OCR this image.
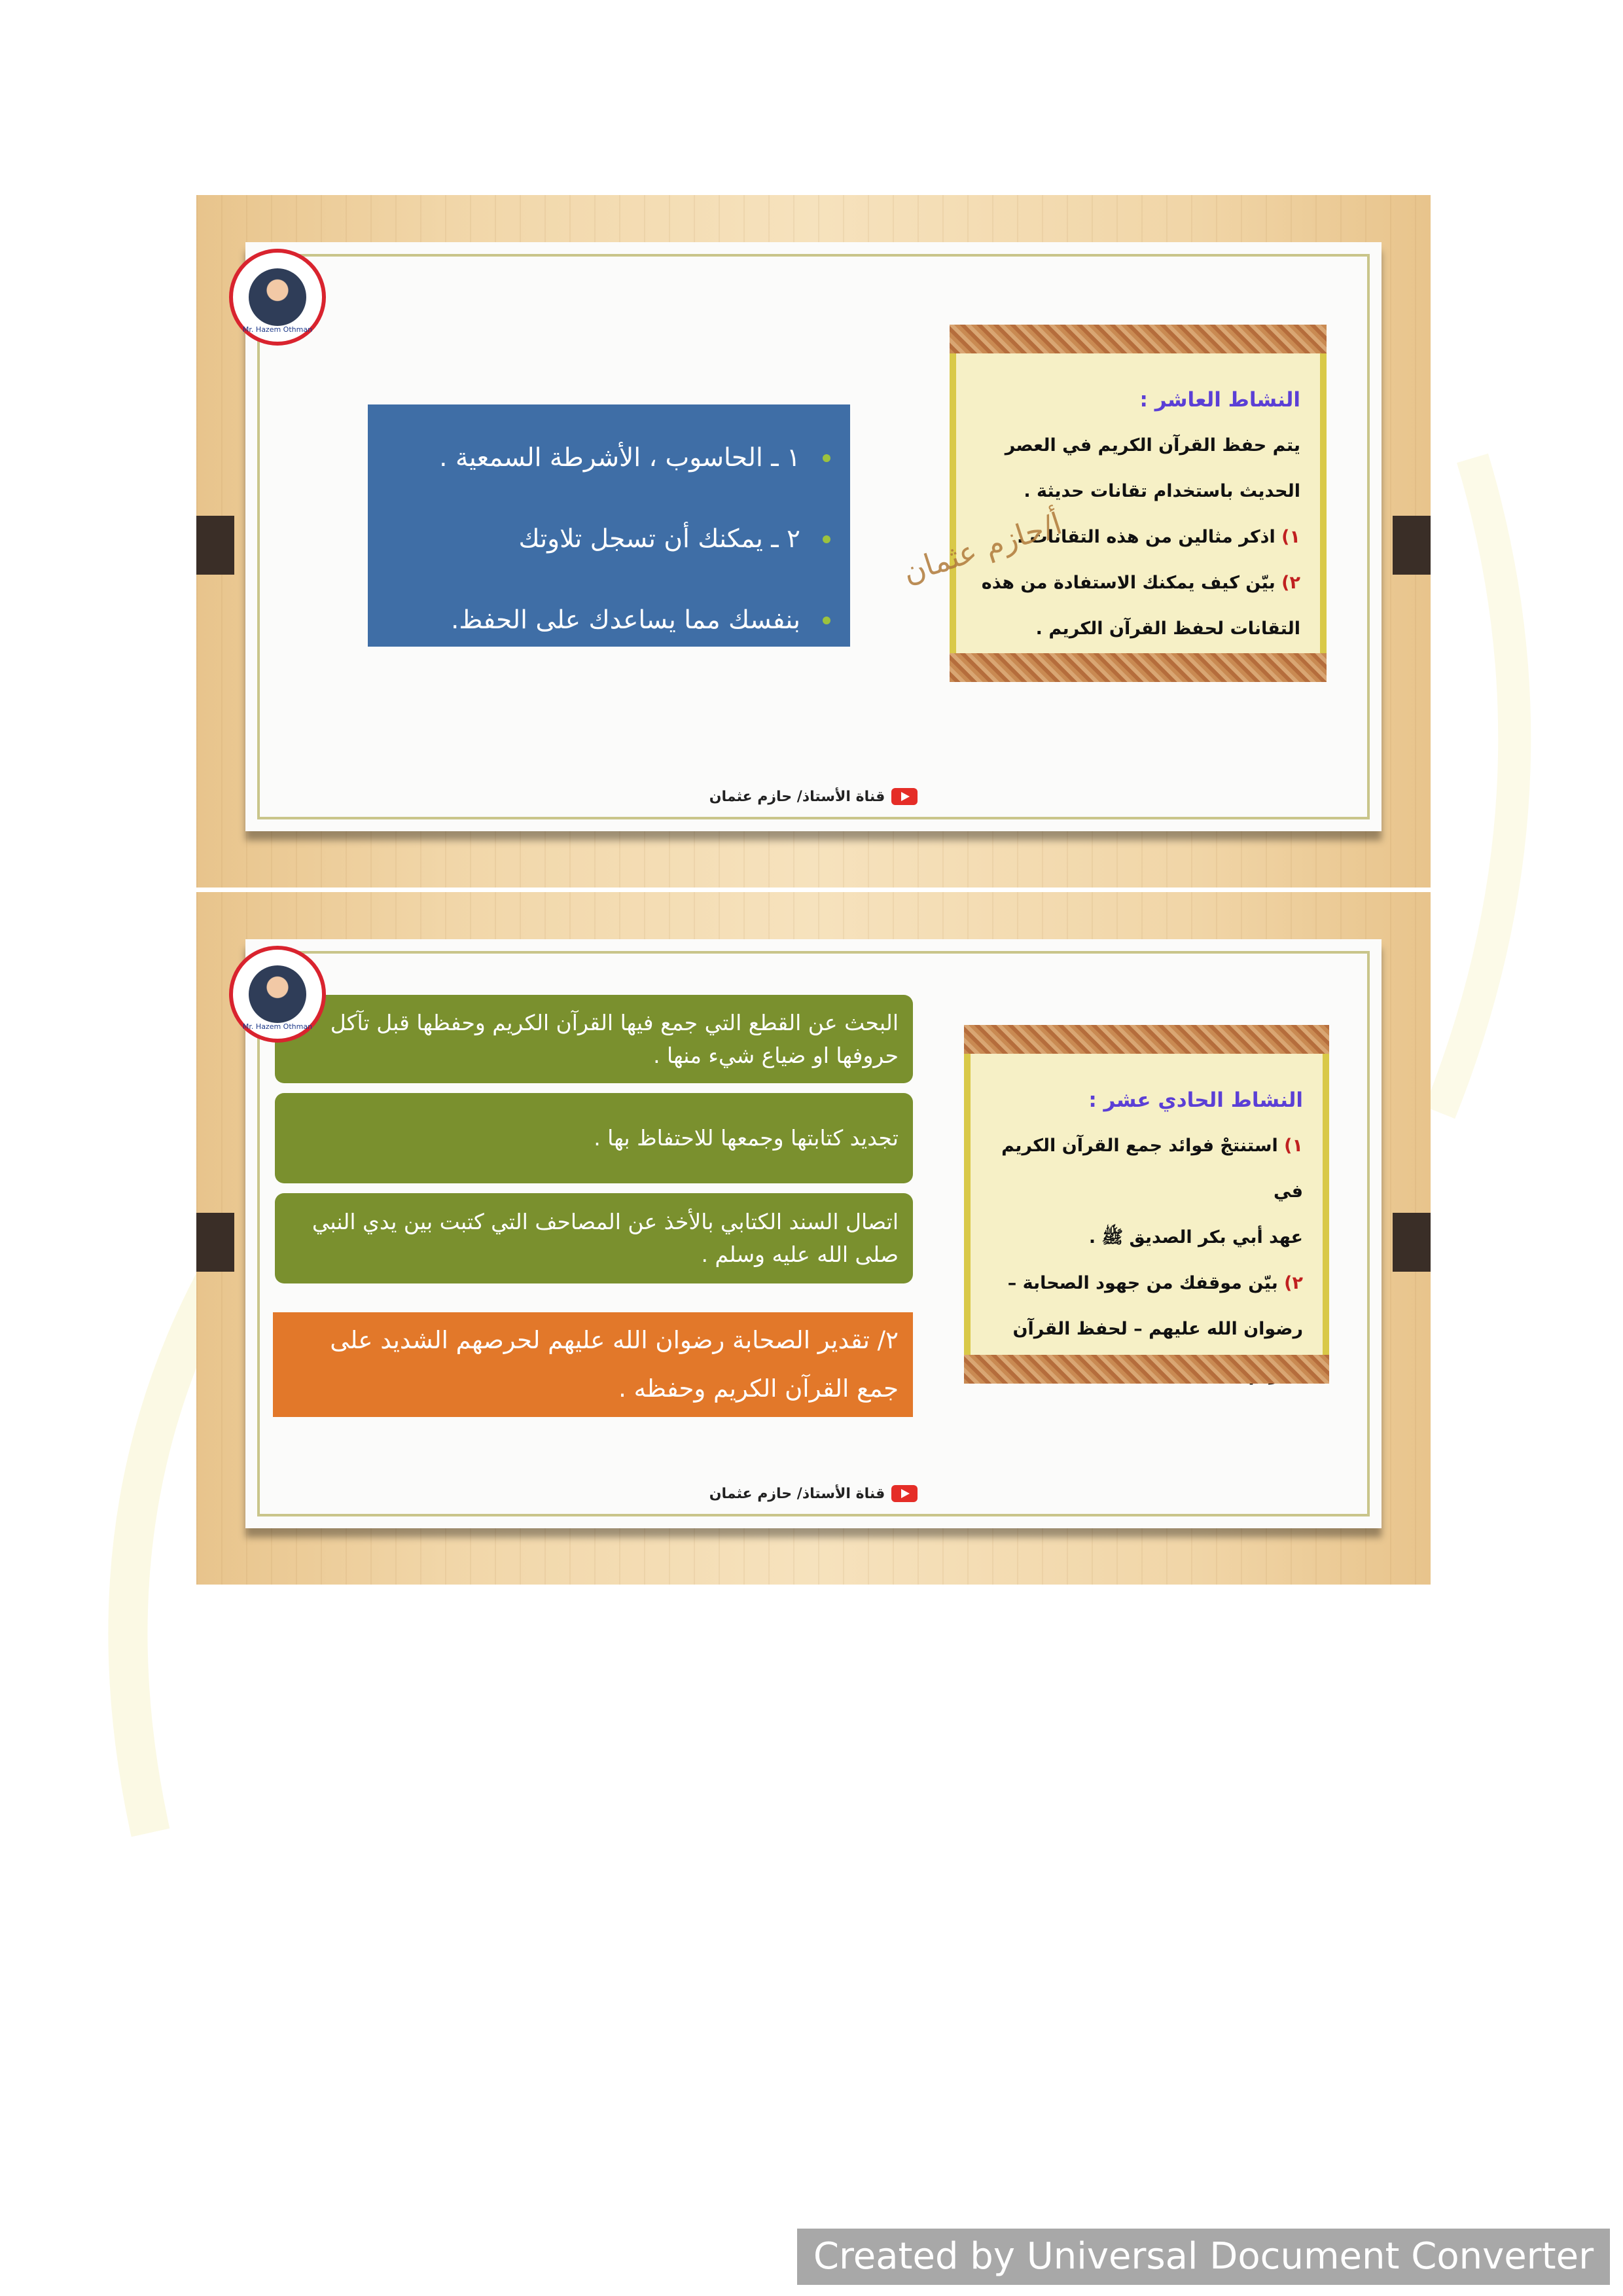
النشاط العاشر :
يتم حفظ القرآن الكريم في العصر
الحديث باستخدام تقانات حديثة .
١) اذكر مثالين من هذه التقانات .
٢) بيّن كيف يمكنك الاستفادة من هذه
التقانات لحفظ القرآن الكريم .
أ/حازم عثمان
١ ـ الحاسوب ، الأشرطة السمعية .
٢ ـ يمكنك أن تسجل تلاوتك
بنفسك مما يساعدك على الحفظ.
قناة الأستاذ/ حازم عثمان
Mr. Hazem Othman
النشاط الحادي عشر :
١) استنتجْ فوائد جمع القرآن الكريم في
عهد أبي بكر الصديق ﷺ .
٢) بيّن موقفك من جهود الصحابة –
رضوان الله عليهم – لحفظ القرآن
البحث عن القطع التي جمع فيها القرآن الكريم وحفظها قبل تآكل حروفها او ضياع شيء منها .
تجديد كتابتها وجمعها للاحتفاظ بها .
اتصال السند الكتابي بالأخذ عن المصاحف التي كتبت بين يدي النبي صلى الله عليه وسلم .
٢/ تقدير الصحابة رضوان الله عليهم لحرصهم الشديد على جمع القرآن الكريم وحفظه .
قناة الأستاذ/ حازم عثمان
Mr. Hazem Othman
Created by Universal Document Converter
